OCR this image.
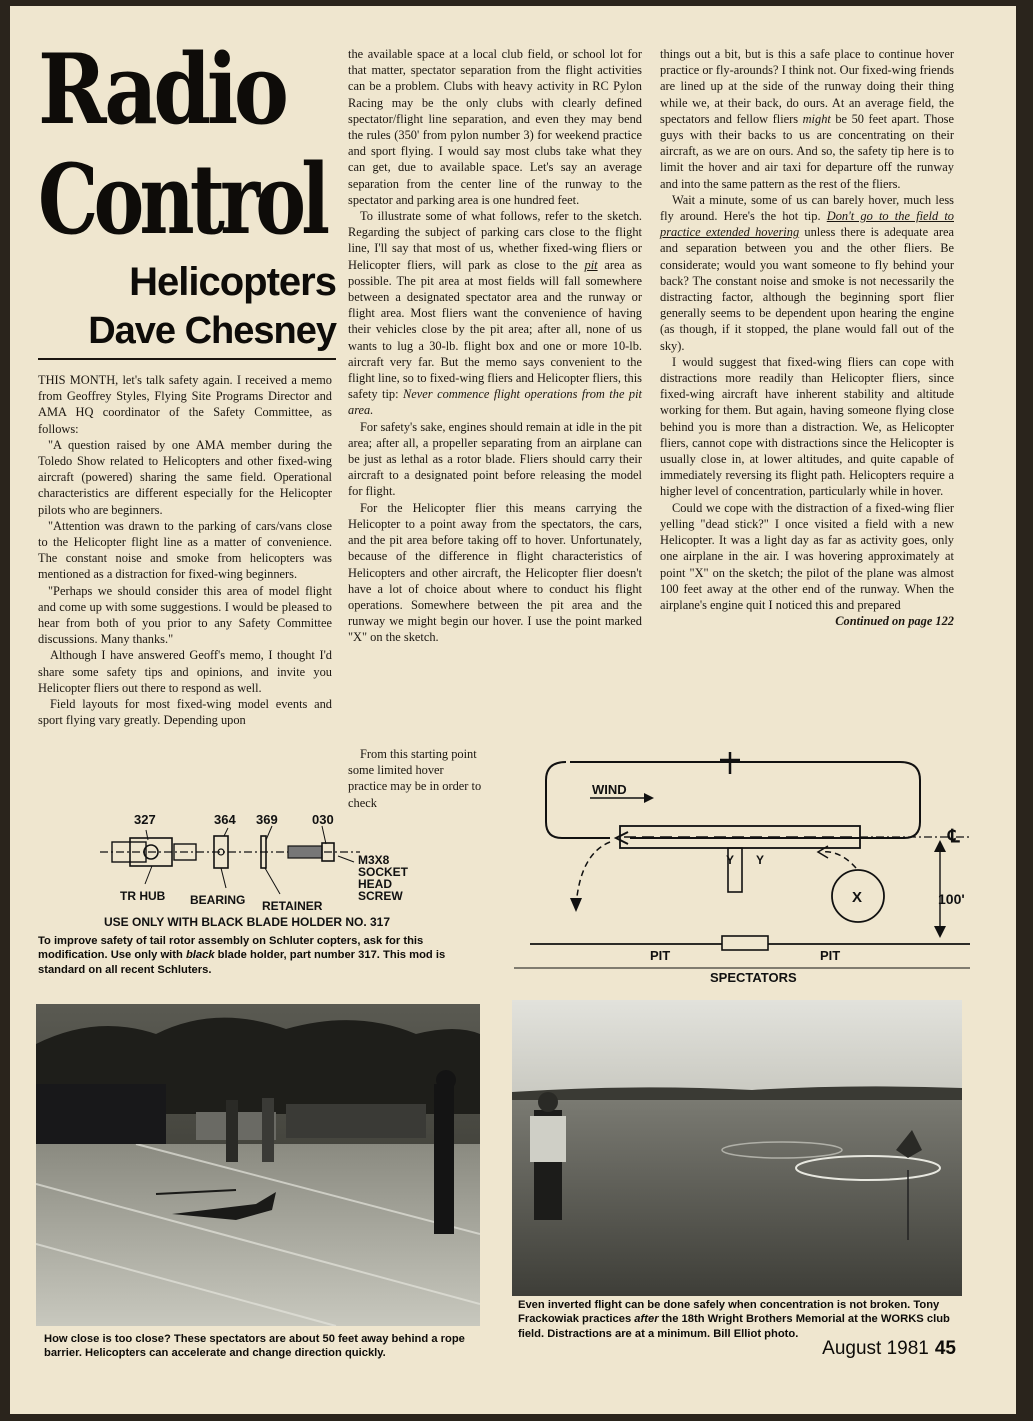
Radio
Control
Helicopters
Dave Chesney

THIS MONTH, let's talk safety again. I received a memo from Geoffrey Styles, Flying Site Programs Director and AMA HQ coordinator of the Safety Committee, as follows:

"A question raised by one AMA member during the Toledo Show related to Helicopters and other fixed-wing aircraft (powered) sharing the same field. Operational characteristics are different especially for the Helicopter pilots who are beginners.

"Attention was drawn to the parking of cars/vans close to the Helicopter flight line as a matter of convenience. The constant noise and smoke from helicopters was mentioned as a distraction for fixed-wing beginners.

"Perhaps we should consider this area of model flight and come up with some suggestions. I would be pleased to hear from both of you prior to any Safety Committee discussions. Many thanks."

Although I have answered Geoff's memo, I thought I'd share some safety tips and opinions, and invite you Helicopter fliers out there to respond as well.

Field layouts for most fixed-wing model events and sport flying vary greatly. Depending upon

the available space at a local club field, or school lot for that matter, spectator separation from the flight activities can be a problem. Clubs with heavy activity in RC Pylon Racing may be the only clubs with clearly defined spectator/flight line separation, and even they may bend the rules (350' from pylon number 3) for weekend practice and sport flying. I would say most clubs take what they can get, due to available space. Let's say an average separation from the center line of the runway to the spectator and parking area is one hundred feet.

To illustrate some of what follows, refer to the sketch. Regarding the subject of parking cars close to the flight line, I'll say that most of us, whether fixed-wing fliers or Helicopter fliers, will park as close to the pit area as possible. The pit area at most fields will fall somewhere between a designated spectator area and the runway or flight area. Most fliers want the convenience of having their vehicles close by the pit area; after all, none of us wants to lug a 30-lb. flight box and one or more 10-lb. aircraft very far. But the memo says convenient to the flight line, so to fixed-wing fliers and Helicopter fliers, this safety tip: Never commence flight operations from the pit area.

For safety's sake, engines should remain at idle in the pit area; after all, a propeller separating from an airplane can be just as lethal as a rotor blade. Fliers should carry their aircraft to a designated point before releasing the model for flight.

For the Helicopter flier this means carrying the Helicopter to a point away from the spectators, the cars, and the pit area before taking off to hover. Unfortunately, because of the difference in flight characteristics of Helicopters and other aircraft, the Helicopter flier doesn't have a lot of choice about where to conduct his flight operations. Somewhere between the pit area and the runway we might begin our hover. I use the point marked "X" on the sketch.

From this starting point some limited hover practice may be in order to check

things out a bit, but is this a safe place to continue hover practice or fly-arounds? I think not. Our fixed-wing friends are lined up at the side of the runway doing their thing while we, at their back, do ours. At an average field, the spectators and fellow fliers might be 50 feet apart. Those guys with their backs to us are concentrating on their aircraft, as we are on ours. And so, the safety tip here is to limit the hover and air taxi for departure off the runway and into the same pattern as the rest of the fliers.

Wait a minute, some of us can barely hover, much less fly around. Here's the hot tip. Don't go to the field to practice extended hovering unless there is adequate area and separation between you and the other fliers. Be considerate; would you want someone to fly behind your back? The constant noise and smoke is not necessarily the distracting factor, although the beginning sport flier generally seems to be dependent upon hearing the engine (as though, if it stopped, the plane would fall out of the sky).

I would suggest that fixed-wing fliers can cope with distractions more readily than Helicopter fliers, since fixed-wing aircraft have inherent stability and altitude working for them. But again, having someone flying close behind you is more than a distraction. We, as Helicopter fliers, cannot cope with distractions since the Helicopter is usually close in, at lower altitudes, and quite capable of immediately reversing its flight path. Helicopters require a higher level of concentration, particularly while in hover.

Could we cope with the distraction of a fixed-wing flier yelling "dead stick?" I once visited a field with a new Helicopter. It was a light day as far as activity goes, only one airplane in the air. I was hovering approximately at point "X" on the sketch; the pilot of the plane was almost 100 feet away at the other end of the runway. When the airplane's engine quit I noticed this and prepared

Continued on page 122

327	364 369	030
TR HUB BEARING RETAINER
M3X8
SOCKET
HEAD
SCREW
USE ONLY WITH BLACK BLADE HOLDER NO. 317
To improve safety of tail rotor assembly on Schluter copters, ask for this modification. Use only with black blade holder, part number 317. This mod is standard on all recent Schluters.
WIND
Y Y
X
℄
100'
PIT	PIT
SPECTATORS
How close is too close? These spectators are about 50 feet away behind a rope barrier. Helicopters can accelerate and change direction quickly.
Even inverted flight can be done safely when concentration is not broken. Tony Frackowiak practices after the 18th Wright Brothers Memorial at the WORKS club field. Distractions are at a minimum. Bill Elliot photo.
August 1981 45
